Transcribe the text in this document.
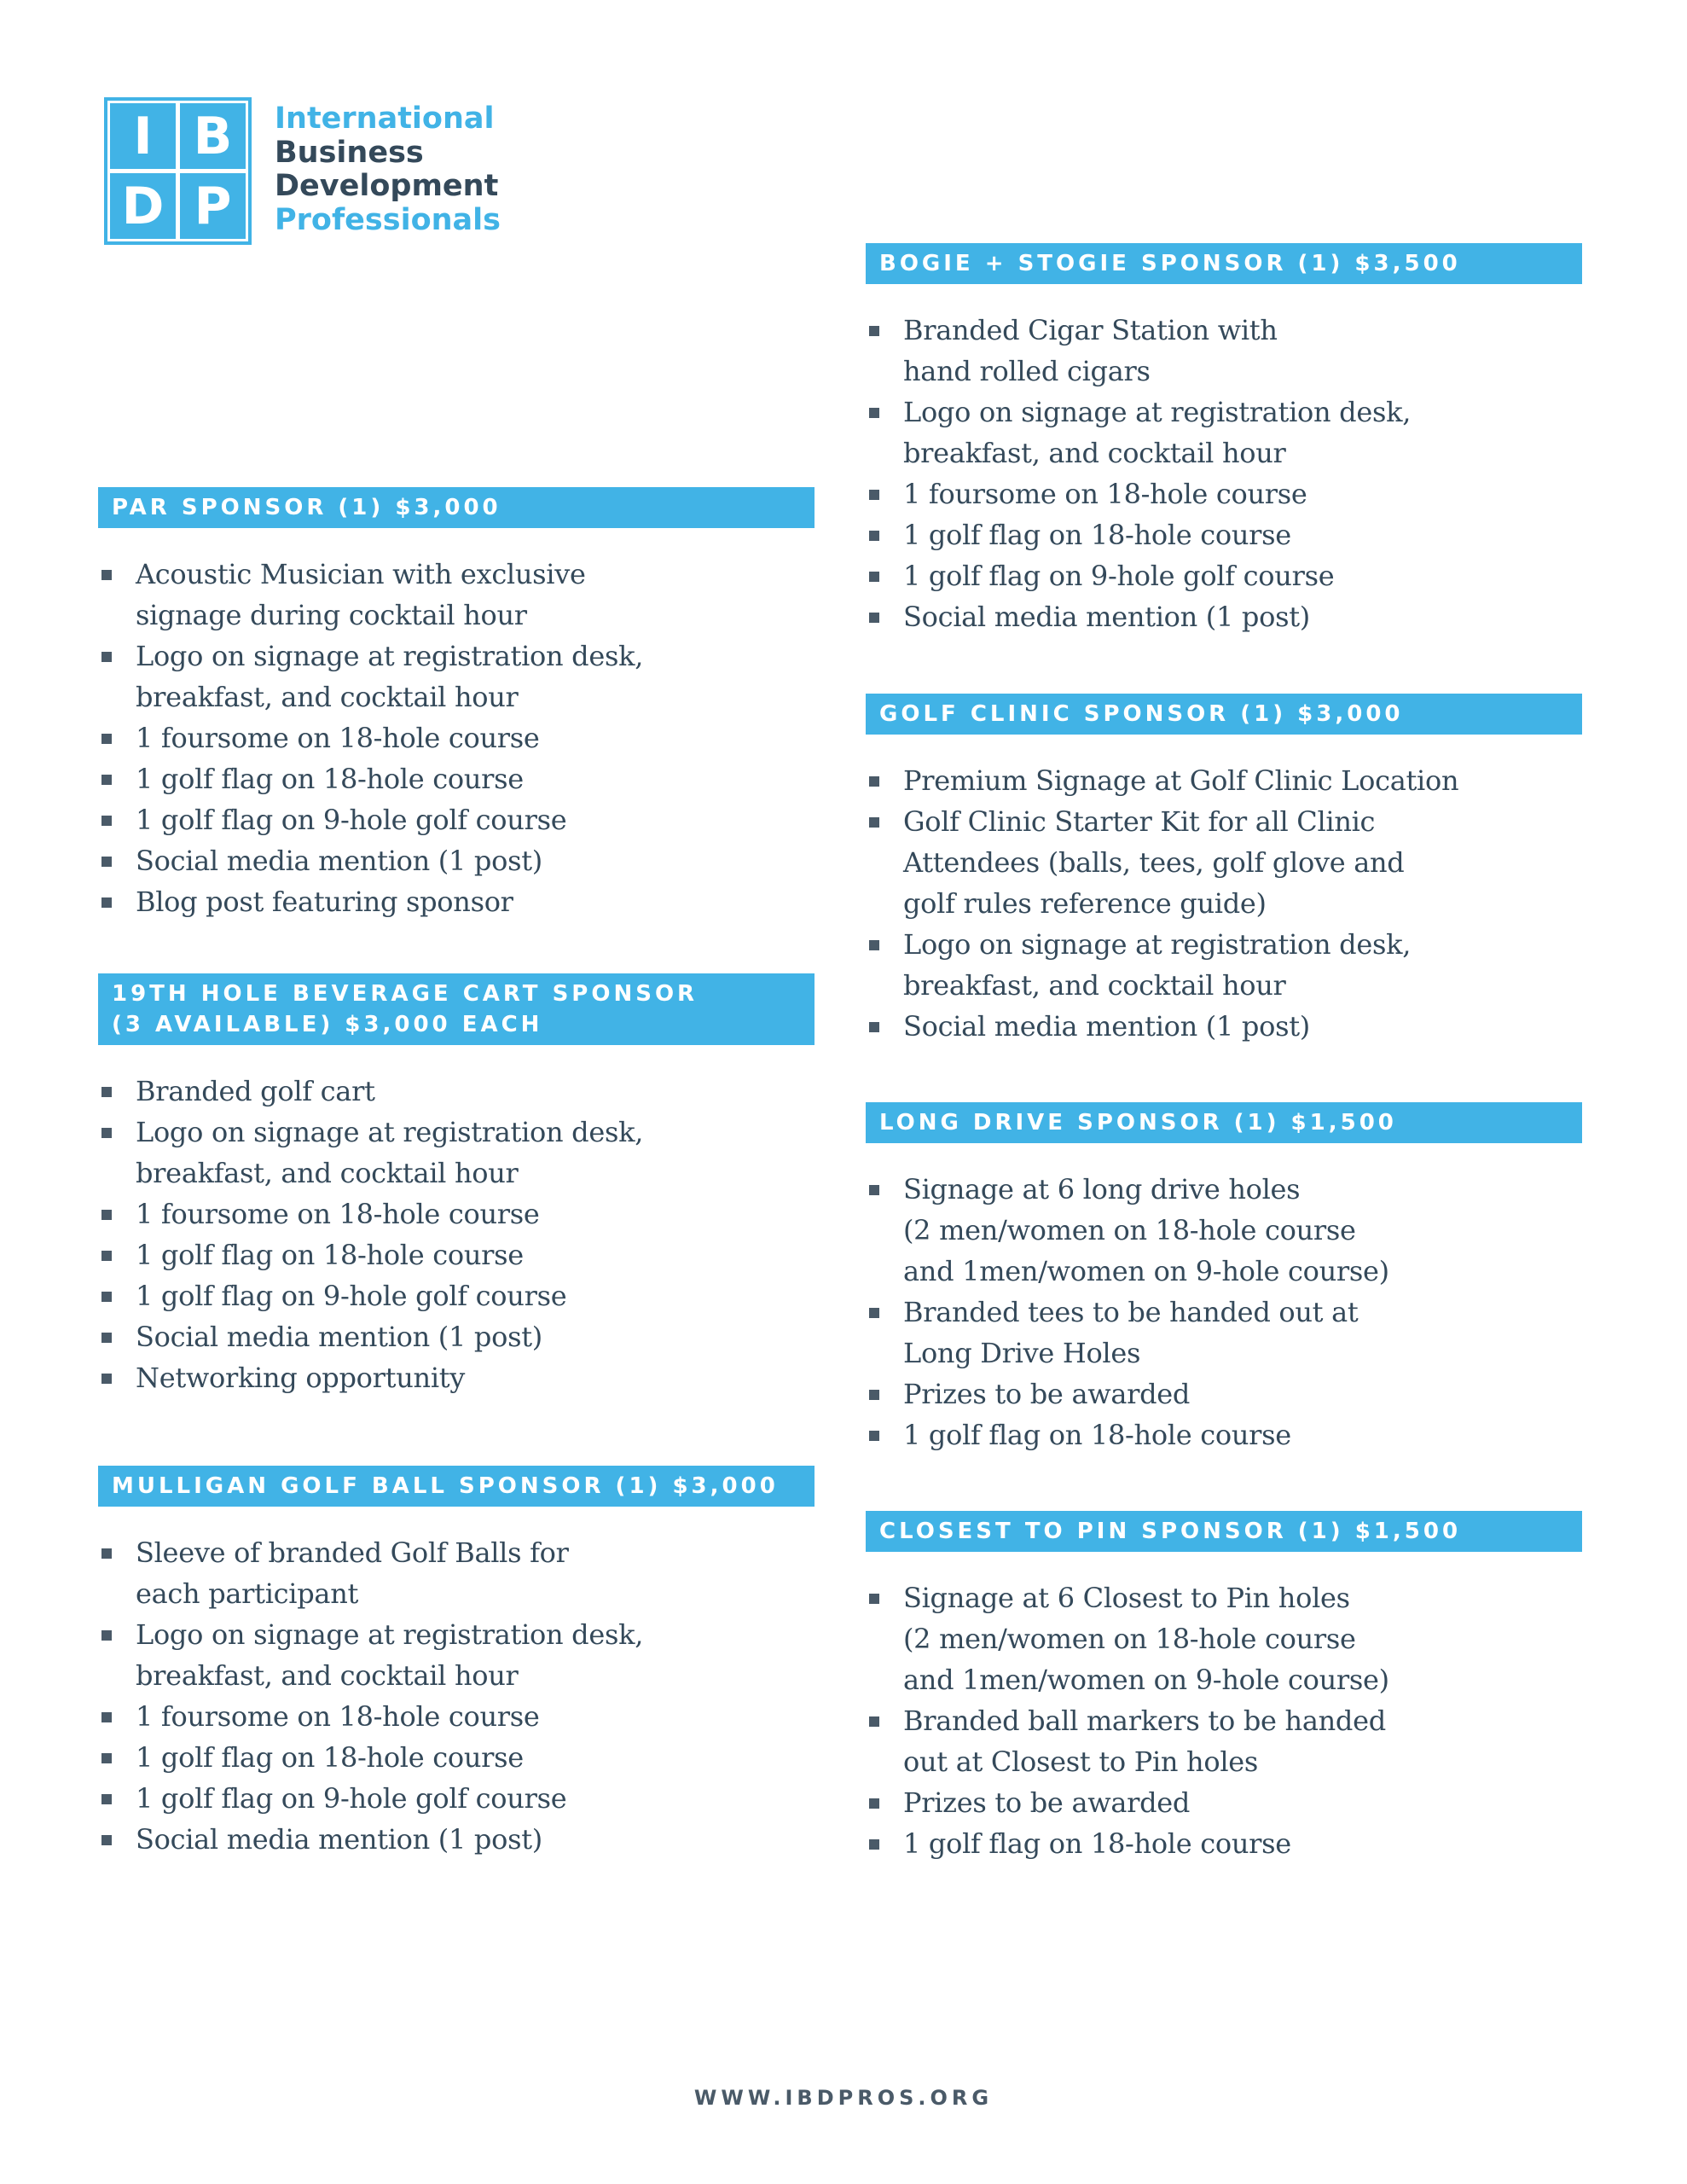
I B
D P
International
Business
Development
Professionals
PAR SPONSOR (1) $3,000
Acoustic Musician with exclusive
signage during cocktail hour
Logo on signage at registration desk,
breakfast, and cocktail hour
1 foursome on 18-hole course
1 golf flag on 18-hole course
1 golf flag on 9-hole golf course
Social media mention (1 post)
Blog post featuring sponsor
19TH HOLE BEVERAGE CART SPONSOR
(3 AVAILABLE) $3,000 EACH
Branded golf cart
Logo on signage at registration desk,
breakfast, and cocktail hour
1 foursome on 18-hole course
1 golf flag on 18-hole course
1 golf flag on 9-hole golf course
Social media mention (1 post)
Networking opportunity
MULLIGAN GOLF BALL SPONSOR (1) $3,000
Sleeve of branded Golf Balls for
each participant
Logo on signage at registration desk,
breakfast, and cocktail hour
1 foursome on 18-hole course
1 golf flag on 18-hole course
1 golf flag on 9-hole golf course
Social media mention (1 post)
BOGIE + STOGIE SPONSOR (1) $3,500
Branded Cigar Station with
hand rolled cigars
Logo on signage at registration desk,
breakfast, and cocktail hour
1 foursome on 18-hole course
1 golf flag on 18-hole course
1 golf flag on 9-hole golf course
Social media mention (1 post)
GOLF CLINIC SPONSOR (1) $3,000
Premium Signage at Golf Clinic Location
Golf Clinic Starter Kit for all Clinic
Attendees (balls, tees, golf glove and
golf rules reference guide)
Logo on signage at registration desk,
breakfast, and cocktail hour
Social media mention (1 post)
LONG DRIVE SPONSOR (1) $1,500
Signage at 6 long drive holes
(2 men/women on 18-hole course
and 1men/women on 9-hole course)
Branded tees to be handed out at
Long Drive Holes
Prizes to be awarded
1 golf flag on 18-hole course
CLOSEST TO PIN SPONSOR (1) $1,500
Signage at 6 Closest to Pin holes
(2 men/women on 18-hole course
and 1men/women on 9-hole course)
Branded ball markers to be handed
out at Closest to Pin holes
Prizes to be awarded
1 golf flag on 18-hole course
WWW.IBDPROS.ORG
